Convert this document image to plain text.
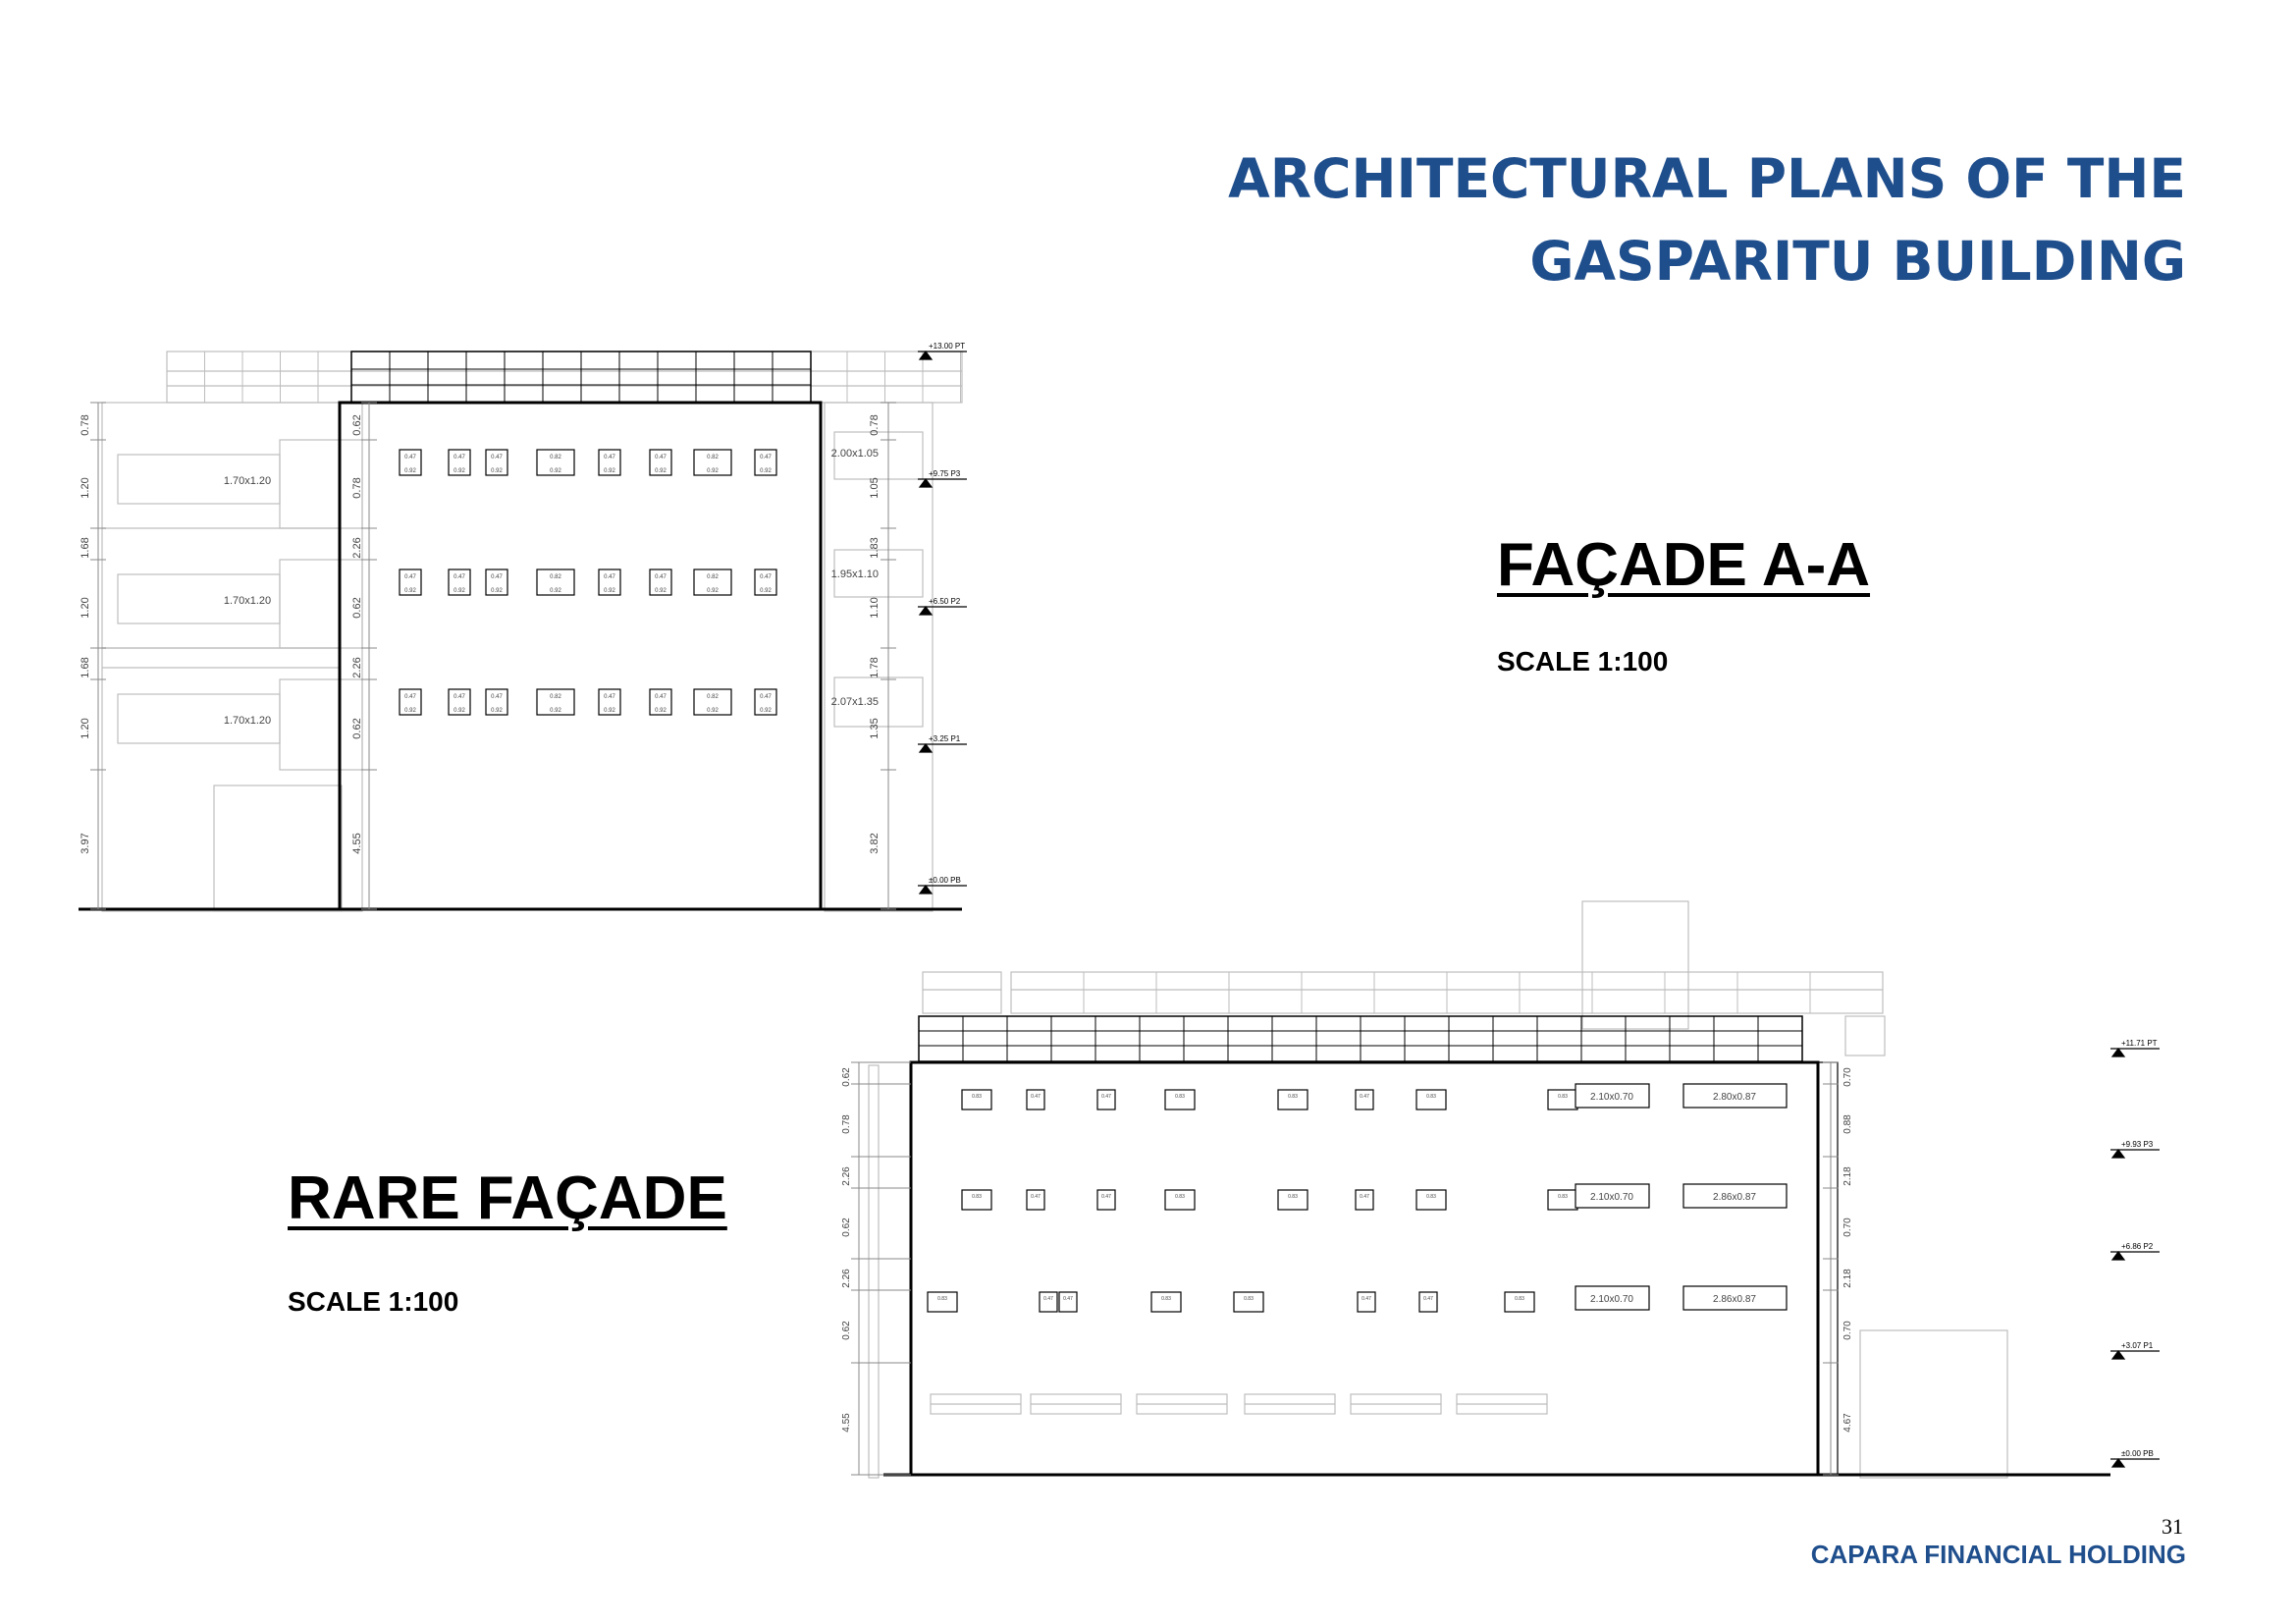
ARCHITECTURAL PLANS OF THE
GASPARITU BUILDING
FAÇADE A-A
SCALE 1:100
RARE FAÇADE
SCALE 1:100
0.78	0.62	0.78
1.20	0.78	1.05
1.68	2.26	1.83
1.20	0.62	1.10
1.68	2.26	1.78
1.20	0.62	1.35
3.97	4.55	3.82
1.70x1.20
1.70x1.20
1.70x1.20
2.00x1.05
1.95x1.10
2.07x1.35
0.47
0.92
0.47
0.92
0.47
0.92
0.82
0.92
0.47
0.92
0.47
0.92
0.82
0.92
0.47
0.92
0.47
0.92
0.47
0.92
0.47
0.92
0.82
0.92
0.47
0.92
0.47
0.92
0.82
0.92
0.47
0.92
0.47
0.92
0.47
0.92
0.47
0.92
0.82
0.92
0.47
0.92
0.47
0.92
0.82
0.92
0.47
0.92
+13.00 PT
+9.75 P3
+6.50 P2
+3.25 P1
±0.00 PB
0.62	0.70
0.78	0.88
2.26	2.18
0.62	0.70
2.26	2.18
0.62	0.70
4.55	4.67
0.83	0.47	0.47	0.83	0.83	0.47	0.83	0.83 2.10x0.70	2.80x0.87
0.83	0.47	0.47	0.83	0.83	0.47	0.83	0.83 2.10x0.70	2.86x0.87
0.83	0.47 0.47	0.83	0.83	0.47	0.47	0.83	2.10x0.70	2.86x0.87
+11.71 PT
+9.93 P3
+6.86 P2
+3.07 P1
±0.00 PB
31
CAPARA FINANCIAL HOLDING
